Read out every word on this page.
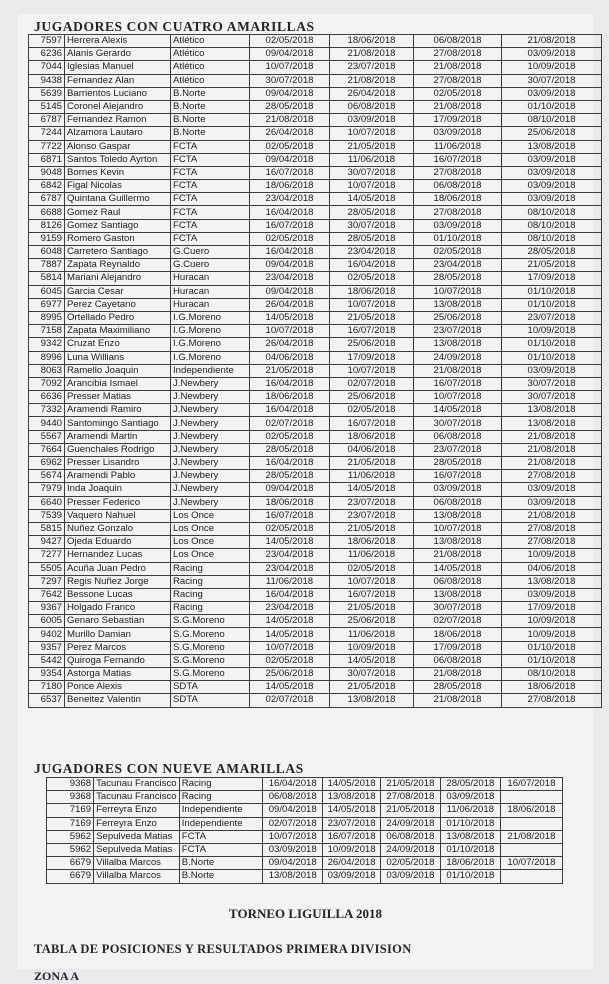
JUGADORES CON CUATRO AMARILLAS
7597	Herrera Alexis	Atlético	02/05/2018	18/06/2018	06/08/2018	21/08/2018
6236	Alanis Gerardo	Atlético	09/04/2018	21/08/2018	27/08/2018	03/09/2018
7044	Iglesias Manuel	Atlético	10/07/2018	23/07/2018	21/08/2018	10/09/2018
9438	Fernandez Alan	Atlético	30/07/2018	21/08/2018	27/08/2018	30/07/2018
5639	Barrientos Luciano	B.Norte	09/04/2018	26/04/2018	02/05/2018	03/09/2018
5145	Coronel Alejandro	B.Norte	28/05/2018	06/08/2018	21/08/2018	01/10/2018
6787	Fernandez Ramon	B.Norte	21/08/2018	03/09/2018	17/09/2018	08/10/2018
7244	Alzamora Lautaro	B.Norte	26/04/2018	10/07/2018	03/09/2018	25/06/2018
7722	Alonso Gaspar	FCTA	02/05/2018	21/05/2018	11/06/2018	13/08/2018
6871	Santos Toledo Ayrton	FCTA	09/04/2018	11/06/2018	16/07/2018	03/09/2018
9048	Bornes Kevin	FCTA	16/07/2018	30/07/2018	27/08/2018	03/09/2018
6842	Figal Nicolas	FCTA	18/06/2018	10/07/2018	06/08/2018	03/09/2018
6787	Quintana Guillermo	FCTA	23/04/2018	14/05/2018	18/06/2018	03/09/2018
6688	Gomez Raul	FCTA	16/04/2018	28/05/2018	27/08/2018	08/10/2018
8126	Gomez Santiago	FCTA	16/07/2018	30/07/2018	03/09/2018	08/10/2018
9159	Romero Gaston	FCTA	02/05/2018	28/05/2018	01/10/2018	08/10/2018
6048	Carretero Santiago	G.Cuero	16/04/2018	23/04/2018	02/05/2018	28/05/2018
7887	Zapata Reynaldo	G.Cuero	09/04/2018	16/04/2018	23/04/2018	21/05/2018
5814	Mariani Alejandro	Huracan	23/04/2018	02/05/2018	28/05/2018	17/09/2018
6045	Garcia Cesar	Huracan	09/04/2018	18/06/2018	10/07/2018	01/10/2018
6977	Perez Cayetano	Huracan	26/04/2018	10/07/2018	13/08/2018	01/10/2018
8995	Ortellado Pedro	I.G.Moreno	14/05/2018	21/05/2018	25/06/2018	23/07/2018
7158	Zapata Maximiliano	I.G.Moreno	10/07/2018	16/07/2018	23/07/2018	10/09/2018
9342	Cruzat Enzo	I.G.Moreno	26/04/2018	25/06/2018	13/08/2018	01/10/2018
8996	Luna Willians	I.G.Moreno	04/06/2018	17/09/2018	24/09/2018	01/10/2018
8063	Ramello Joaquin	Independiente	21/05/2018	10/07/2018	21/08/2018	03/09/2018
7092	Arancibia Ismael	J.Newbery	16/04/2018	02/07/2018	16/07/2018	30/07/2018
6636	Presser Matias	J.Newbery	18/06/2018	25/06/2018	10/07/2018	30/07/2018
7332	Aramendi Ramiro	J.Newbery	16/04/2018	02/05/2018	14/05/2018	13/08/2018
9440	Santomingo Santiago	J.Newbery	02/07/2018	16/07/2018	30/07/2018	13/08/2018
5567	Aramendi Martin	J.Newbery	02/05/2018	18/06/2018	06/08/2018	21/08/2018
7664	Guenchales Rodrigo	J.Newbery	28/05/2018	04/06/2018	23/07/2018	21/08/2018
6962	Presser Lisandro	J.Newbery	16/04/2018	21/05/2018	28/05/2018	21/08/2018
5674	Aramendi Pablo	J.Newbery	28/05/2018	11/06/2018	16/07/2018	27/08/2018
7979	Inda Joaquin	J.Newbery	09/04/2018	14/05/2018	03/09/2018	03/09/2018
6640	Presser Federico	J.Newbery	18/06/2018	23/07/2018	06/08/2018	03/09/2018
7539	Vaquero Nahuel	Los Once	16/07/2018	23/07/2018	13/08/2018	21/08/2018
5815	Nuñez Gonzalo	Los Once	02/05/2018	21/05/2018	10/07/2018	27/08/2018
9427	Ojeda Eduardo	Los Once	14/05/2018	18/06/2018	13/08/2018	27/08/2018
7277	Hernandez Lucas	Los Once	23/04/2018	11/06/2018	21/08/2018	10/09/2018
5505	Acuña Juan Pedro	Racing	23/04/2018	02/05/2018	14/05/2018	04/06/2018
7297	Regis Nuñez Jorge	Racing	11/06/2018	10/07/2018	06/08/2018	13/08/2018
7642	Bessone Lucas	Racing	16/04/2018	16/07/2018	13/08/2018	03/09/2018
9367	Holgado Franco	Racing	23/04/2018	21/05/2018	30/07/2018	17/09/2018
6005	Genaro Sebastian	S.G.Moreno	14/05/2018	25/06/2018	02/07/2018	10/09/2018
9402	Murillo Damian	S.G.Moreno	14/05/2018	11/06/2018	18/06/2018	10/09/2018
9357	Perez Marcos	S.G.Moreno	10/07/2018	10/09/2018	17/09/2018	01/10/2018
5442	Quiroga Fernando	S.G.Moreno	02/05/2018	14/05/2018	06/08/2018	01/10/2018
9354	Astorga Matias	S.G.Moreno	25/06/2018	30/07/2018	21/08/2018	08/10/2018
7180	Ponce Alexis	SDTA	14/05/2018	21/05/2018	28/05/2018	18/06/2018
6537	Beneitez Valentin	SDTA	02/07/2018	13/08/2018	21/08/2018	27/08/2018
JUGADORES CON NUEVE AMARILLAS
9368	Tacunau Francisco	Racing	16/04/2018	14/05/2018	21/05/2018	28/05/2018	16/07/2018
9368	Tacunau Francisco	Racing	06/08/2018	13/08/2018	27/08/2018	03/09/2018	
7169	Ferreyra Enzo	Independiente	09/04/2018	14/05/2018	21/05/2018	11/06/2018	18/06/2018
7169	Ferreyra Enzo	Independiente	02/07/2018	23/07/2018	24/09/2018	01/10/2018	
5962	Sepulveda Matias	FCTA	10/07/2018	16/07/2018	06/08/2018	13/08/2018	21/08/2018
5962	Sepulveda Matias	FCTA	03/09/2018	10/09/2018	24/09/2018	01/10/2018	
6679	Villalba Marcos	B.Norte	09/04/2018	26/04/2018	02/05/2018	18/06/2018	10/07/2018
6679	Villalba Marcos	B.Norte	13/08/2018	03/09/2018	03/09/2018	01/10/2018	

TORNEO LIGUILLA 2018

TABLA DE POSICIONES Y RESULTADOS PRIMERA DIVISION

ZONA A
